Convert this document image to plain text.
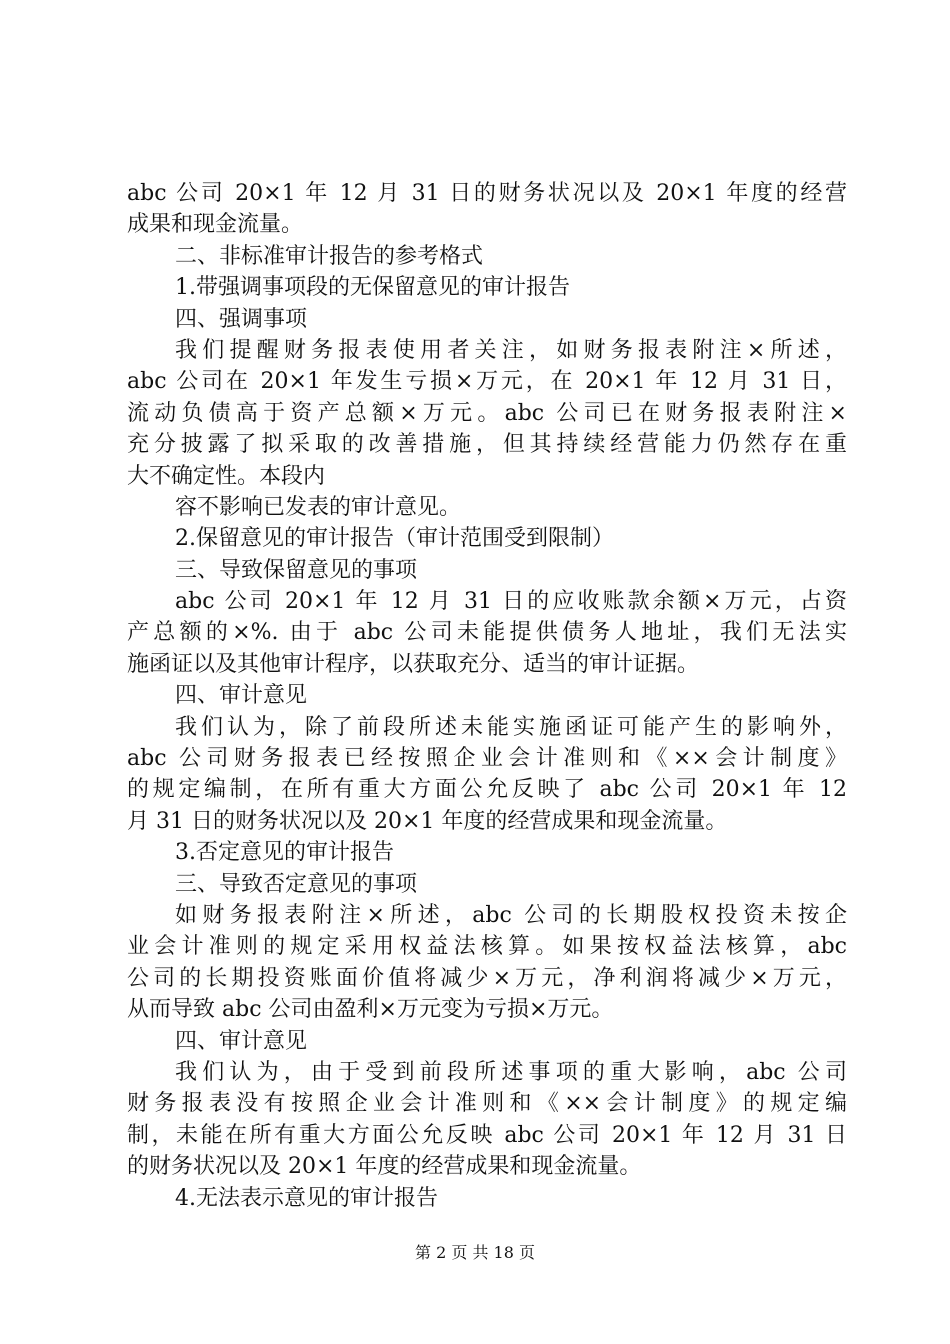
abc 公司 20×1 年 12 月 31 日的财务状况以及 20×1 年度的经营
成果和现金流量。
二、非标准审计报告的参考格式
1.带强调事项段的无保留意见的审计报告
四、强调事项
我们提醒财务报表使用者关注，如财务报表附注×所述，
abc 公司在 20×1 年发生亏损×万元，在 20×1 年 12 月 31 日，
流动负债高于资产总额×万元。abc 公司已在财务报表附注×
充分披露了拟采取的改善措施，但其持续经营能力仍然存在重
大不确定性。本段内
容不影响已发表的审计意见。
2.保留意见的审计报告（审计范围受到限制）
三、导致保留意见的事项
abc 公司 20×1 年 12 月 31 日的应收账款余额×万元，占资
产总额的×%. 由于 abc 公司未能提供债务人地址，我们无法实
施函证以及其他审计程序，以获取充分、适当的审计证据。
四、审计意见
我们认为，除了前段所述未能实施函证可能产生的影响外，
abc 公司财务报表已经按照企业会计准则和《××会计制度》
的规定编制，在所有重大方面公允反映了 abc 公司 20×1 年 12
月 31 日的财务状况以及 20×1 年度的经营成果和现金流量。
3.否定意见的审计报告
三、导致否定意见的事项
如财务报表附注×所述，abc 公司的长期股权投资未按企
业会计准则的规定采用权益法核算。如果按权益法核算，abc
公司的长期投资账面价值将减少×万元，净利润将减少×万元，
从而导致 abc 公司由盈利×万元变为亏损×万元。
四、审计意见
我们认为，由于受到前段所述事项的重大影响，abc 公司
财务报表没有按照企业会计准则和《××会计制度》的规定编
制，未能在所有重大方面公允反映 abc 公司 20×1 年 12 月 31 日
的财务状况以及 20×1 年度的经营成果和现金流量。
4.无法表示意见的审计报告
第 2 页 共 18 页
